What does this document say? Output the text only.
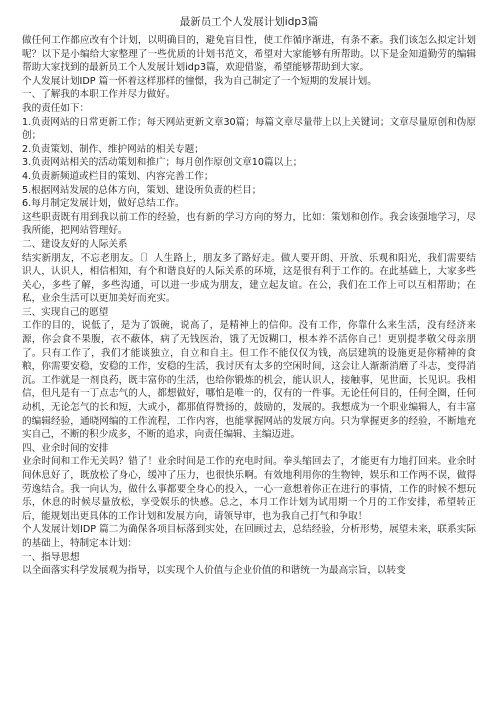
最新员工个人发展计划idp3篇

做任何工作都应改有个计划，以明确目的，避免盲目性，使工作循序渐进，有条不紊。我们该怎么拟定计划呢？以下是小编给大家整理了一些优质的计划书范文，希望对大家能够有所帮助。以下是金知道勤劳的编辑帮助大家找到的最新员工个人发展计划idp3篇，欢迎借鉴，希望能够帮助到大家。

个人发展计划IDP 篇一怀着这样那样的憧憬，我为自己制定了一个短期的发展计划。

一、了解我的本职工作并尽力做好。

我的责任如下：

1.负责网站的日常更新工作；每天网站更新文章30篇；每篇文章尽量带上以上关键词；文章尽量原创和伪原创；

2.负责策划、制作、维护网站的相关专题；

3.负责网站相关的活动策划和推广；每月创作原创文章10篇以上；

4.负责新频道或栏目的策划、内容完善工作；

5.根据网站发展的总体方向，策划、建设所负责的栏目；

6.每月制定发展计划，做好总结工作。

这些职责既有用到我以前工作的经验，也有新的学习方向的努力，比如：策划和创作。我会该强地学习，尽我所能，把网站管理好。

二、建设友好的人际关系

结实新朋友，不忘老朋友。〔〕人生路上，朋友多了路好走。做人要开朗、开放、乐观和阳光，我们需要结识人，认识人，相信相知，有个和谐良好的人际关系的环境，这是很有利于工作的。在此基础上，大家多些关心，多些了解，多些沟通，可以进一步成为朋友，建立起友谊。在公，我们在工作上可以互相帮助；在私，业余生活可以更加美好而充实。

三、实现自己的愿望

工作的目的，说低了，是为了饭碗，说高了，是精神上的信仰。没有工作，你靠什么来生活，没有经济来源，你会食不果腹，衣不蔽体，病了无钱医治，饿了无饭糊口，根本养不活你自己！更别提孝敬父母亲朋了。只有工作了，我们才能谈独立，自立和自主。但工作不能仅仅为钱，高层建筑的设施更是你精神的食粮，你需要安稳，安稳的工作，安稳的生活，我讨厌有太多的空闲时间，这会让人渐渐消磨了斗志，变得消沉。工作就是一剂良药，既丰富你的生活，也给你锻炼的机会，能认识人，接触事，见世面，长见识。我相信，但凡是有一丁点志气的人，都想做好，哪怕是唯一的，仅有的一件事。无论任何目的，任何全圈，任何动机，无论怎气的长和短，大或小，都那值得赞扬的，鼓励的，发展的。我想成为一个职业编辑人，有丰富的编辑经验，通晓网编的工作流程，工作内容，也能掌握网站的发展方向。只为掌握更多的经验，不断地充实自己，不断的积少成多，不断的追求，向责任编辑、主编迈进。

四、业余时间的安排

业余时间和工作无关吗？错了！业余时间是工作的充电时间。拳头缩回去了，才能更有力地打回来。业余时间休息好了，既放松了身心，缓冲了压力，也很快乐啊。有效地利用你的生物钟，娱乐和工作两不误，做得劳逸结合。我一向认为，做什么事都要全身心的投入，一心一意想着你正在进行的事情，工作的时候不想玩乐，休息的时候尽量放松，享受娱乐的快感。总之，本月工作计划为试用期一个月的工作安排，希望转正后，能规划出更具体的工作计划和发展方向，请领导审，也为我自己打气和争取！

个人发展计划IDP 篇二为确保各项目标落到实处，在回顾过去，总结经验，分析形势，展望未来，联系实际的基础上，特制定本计划：

一、指导思想

以全面落实科学发展观为指导，以实现个人价值与企业价值的和谐统一为最高宗旨，以转变
